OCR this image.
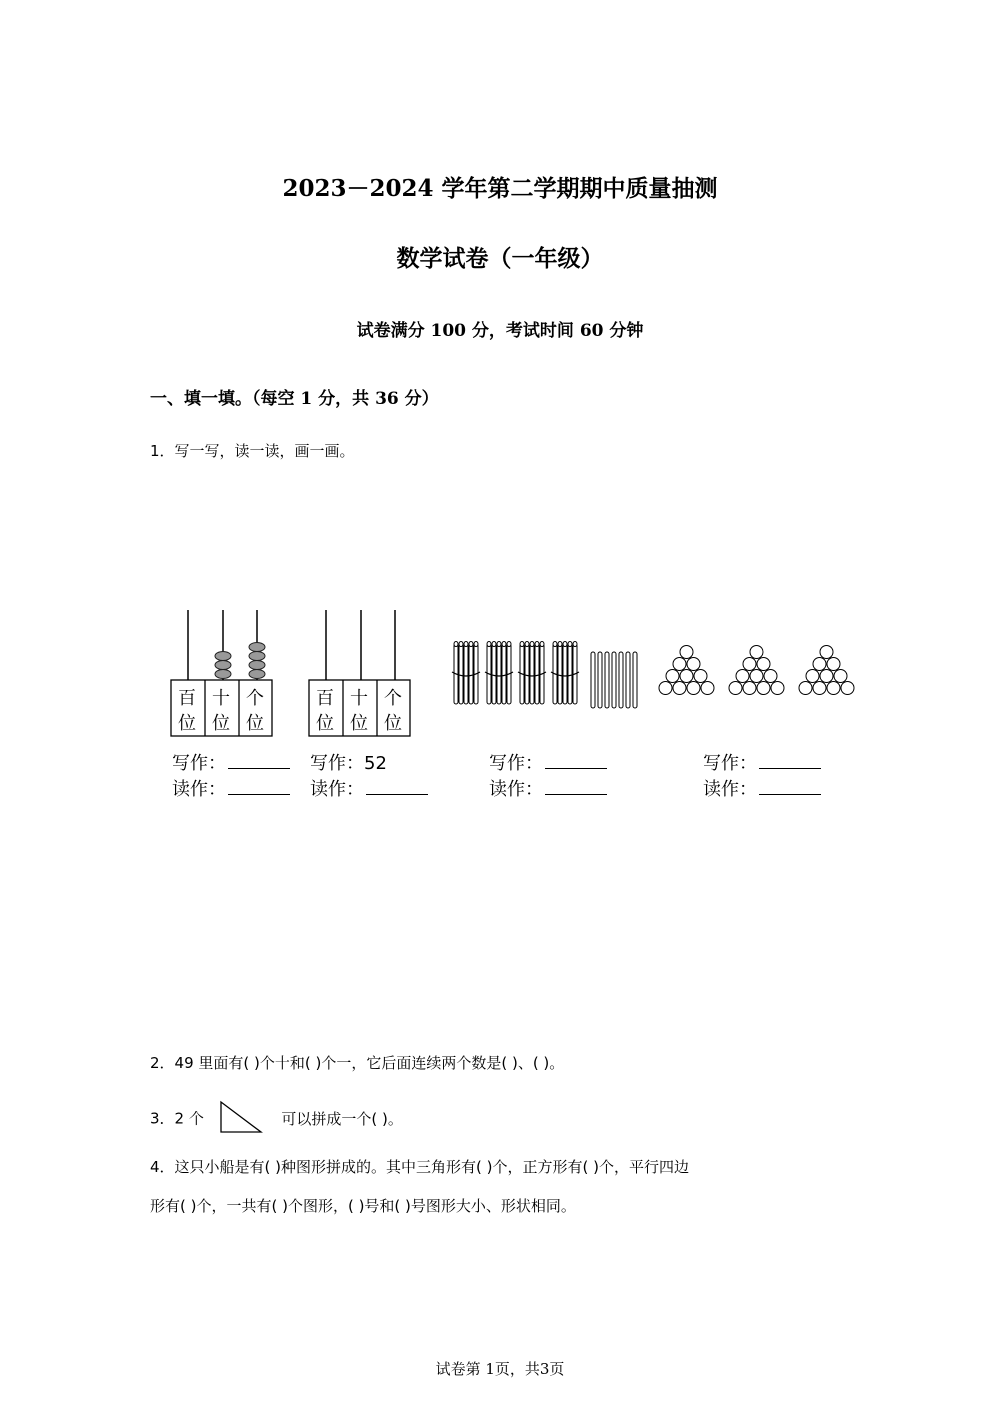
2023－2024 学年第二学期期中质量抽测
数学试卷（一年级）
试卷满分 100 分，考试时间 60 分钟
一、填一填。（每空 1 分，共 36 分）
1．写一写，读一读，画一画。
百
位
十
位
个
位
百
位
十
位
个
位
写作：
读作：
写作：52
读作：
写作：
读作：
写作：
读作：
2．49 里面有( )个十和( )个一，它后面连续两个数是( )、( )。
3．2 个	可以拼成一个( )。
4．这只小船是有( )种图形拼成的。其中三角形有( )个，正方形有( )个，平行四边
形有( )个，一共有( )个图形，( )号和( )号图形大小、形状相同。
试卷第 1页，共3页
